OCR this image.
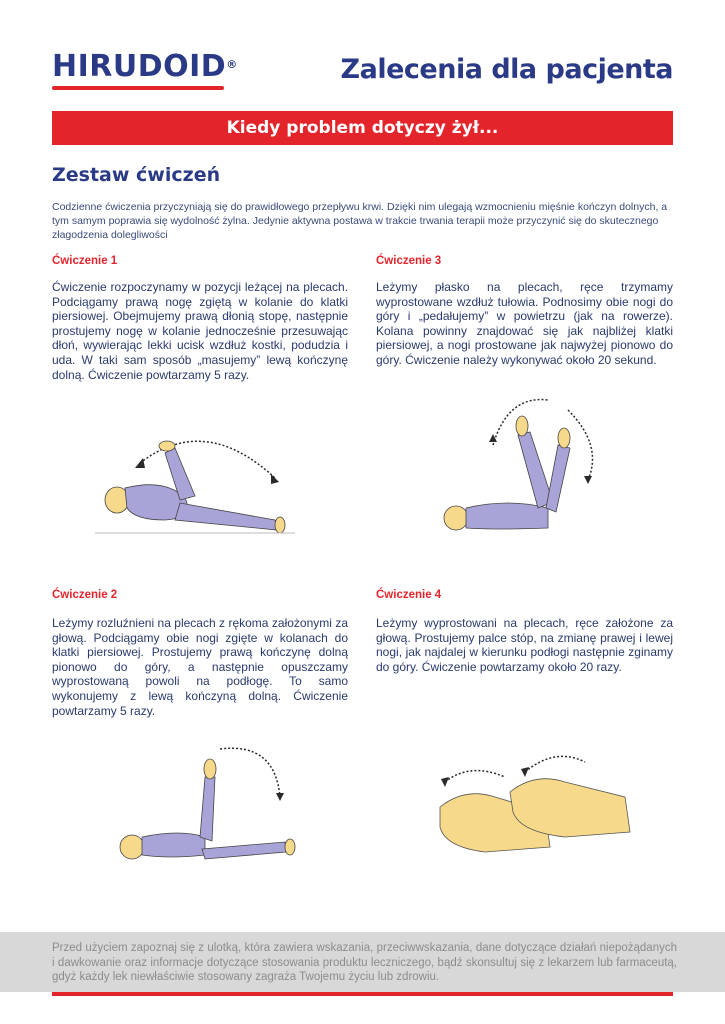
HIRUDOID®	Zalecenia dla pacjenta
Kiedy problem dotyczy żył...
Zestaw ćwiczeń
Codzienne ćwiczenia przyczyniają się do prawidłowego przepływu krwi. Dzięki nim ulegają wzmocnieniu mięśnie kończyn dolnych, a tym samym poprawia się wydolność żylna. Jedynie aktywna postawa w trakcie trwania terapii może przyczynić się do skutecznego złagodzenia dolegliwości
Ćwiczenie 1
Ćwiczenie rozpoczynamy w pozycji leżącej na plecach. Podciągamy prawą nogę zgiętą w kolanie do klatki piersiowej. Obejmujemy prawą dłonią stopę, następnie prostujemy nogę w kolanie jednocześnie przesuwając dłoń, wywierając lekki ucisk wzdłuż kostki, podudzia i uda. W taki sam sposób „masujemy” lewą kończynę dolną. Ćwiczenie powtarzamy 5 razy.
Ćwiczenie 2
Leżymy rozluźnieni na plecach z rękoma założonymi za głową. Podciągamy obie nogi zgięte w kolanach do klatki piersiowej. Prostujemy prawą kończynę dolną pionowo do góry, a następnie opuszczamy wyprostowaną powoli na podłogę. To samo wykonujemy z lewą kończyną dolną. Ćwiczenie powtarzamy 5 razy.
Ćwiczenie 3
Leżymy płasko na plecach, ręce trzymamy wyprostowane wzdłuż tułowia. Podnosimy obie nogi do góry i „pedałujemy” w powietrzu (jak na rowerze). Kolana powinny znajdować się jak najbliżej klatki piersiowej, a nogi prostowane jak najwyżej pionowo do góry. Ćwiczenie należy wykonywać około 20 sekund.
Ćwiczenie 4
Leżymy wyprostowani na plecach, ręce założone za głową. Prostujemy palce stóp, na zmianę prawej i lewej nogi, jak najdalej w kierunku podłogi następnie zginamy do góry. Ćwiczenie powtarzamy około 20 razy.
Przed użyciem zapoznaj się z ulotką, która zawiera wskazania, przeciwwskazania, dane dotyczące działań niepożądanych i dawkowanie oraz informacje dotyczące stosowania produktu leczniczego, bądź skonsultuj się z lekarzem lub farmaceutą, gdyż każdy lek niewłaściwie stosowany zagraża Twojemu życiu lub zdrowiu.
